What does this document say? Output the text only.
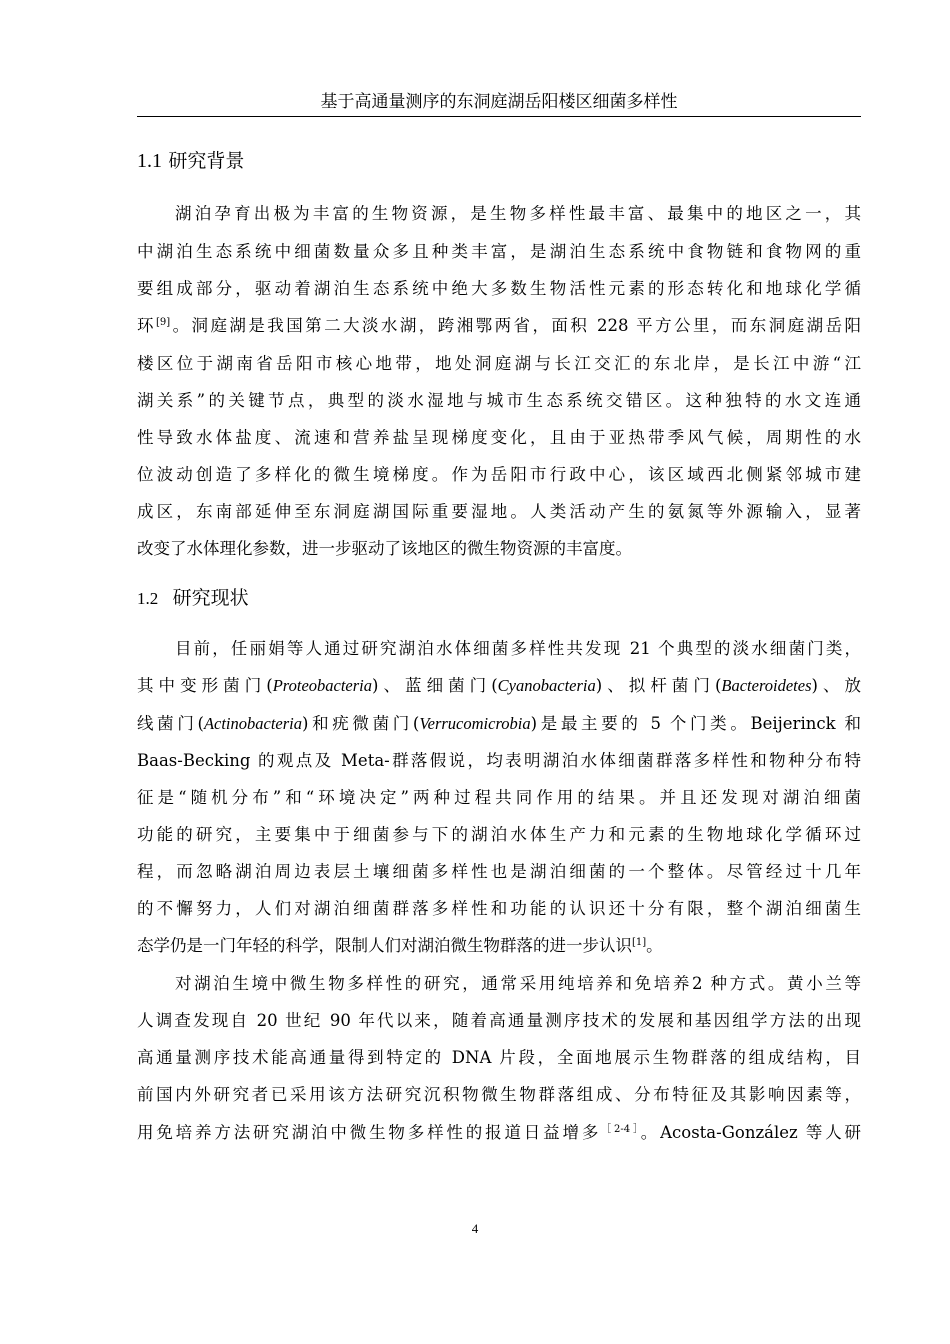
基于高通量测序的东洞庭湖岳阳楼区细菌多样性
1.1 研究背景
湖泊孕育出极为丰富的生物资源，是生物多样性最丰富、最集中的地区之一，其
中湖泊生态系统中细菌数量众多且种类丰富，是湖泊生态系统中食物链和食物网的重
要组成部分，驱动着湖泊生态系统中绝大多数生物活性元素的形态转化和地球化学循
环[9]。洞庭湖是我国第二大淡水湖，跨湘鄂两省，面积 228 平方公里，而东洞庭湖岳阳
楼区位于湖南省岳阳市核心地带，地处洞庭湖与长江交汇的东北岸，是长江中游“江
湖关系”的关键节点，典型的淡水湿地与城市生态系统交错区。这种独特的水文连通
性导致水体盐度、流速和营养盐呈现梯度变化，且由于亚热带季风气候，周期性的水
位波动创造了多样化的微生境梯度。作为岳阳市行政中心，该区域西北侧紧邻城市建
成区，东南部延伸至东洞庭湖国际重要湿地。人类活动产生的氨氮等外源输入，显著
改变了水体理化参数，进一步驱动了该地区的微生物资源的丰富度。
1.2 研究现状
目前，任丽娟等人通过研究湖泊水体细菌多样性共发现 21 个典型的淡水细菌门类，
其中变形菌门(Proteobacteria)、蓝细菌门(Cyanobacteria)、拟杆菌门(Bacteroidetes)、放
线菌门(Actinobacteria)和疣微菌门(Verrucomicrobia)是最主要的 5 个门类。Beijerinck 和
Baas-Becking 的观点及 Meta-群落假说，均表明湖泊水体细菌群落多样性和物种分布特
征是“随机分布”和“环境决定”两种过程共同作用的结果。并且还发现对湖泊细菌
功能的研究，主要集中于细菌参与下的湖泊水体生产力和元素的生物地球化学循环过
程，而忽略湖泊周边表层土壤细菌多样性也是湖泊细菌的一个整体。尽管经过十几年
的不懈努力，人们对湖泊细菌群落多样性和功能的认识还十分有限，整个湖泊细菌生
态学仍是一门年轻的科学，限制人们对湖泊微生物群落的进一步认识[1]。
对湖泊生境中微生物多样性的研究，通常采用纯培养和免培养2 种方式。黄小兰等
人调查发现自 20 世纪 90 年代以来，随着高通量测序技术的发展和基因组学方法的出现
高通量测序技术能高通量得到特定的 DNA 片段，全面地展示生物群落的组成结构，目
前国内外研究者已采用该方法研究沉积物微生物群落组成、分布特征及其影响因素等，
用免培养方法研究湖泊中微生物多样性的报道日益增多$^{[2-4]}$。Acosta-González 等人研
4
